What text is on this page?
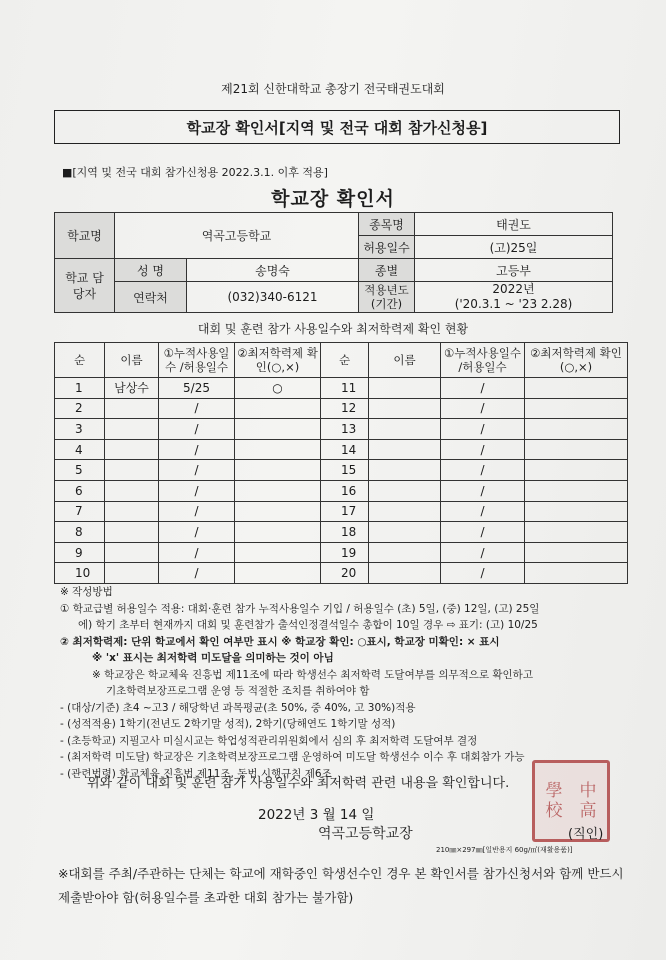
제21회 신한대학교 총장기 전국태권도대회
학교장 확인서[지역 및 전국 대회 참가신청용]
■[지역 및 전국 대회 참가신청용 2022.3.1. 이후 적용]
학교장 확인서
학교명	역곡고등학교		종목명	태권도
			허용일수	(고)25일
학교 담당자	성 명	송명숙	종별	고등부
	연락처	(032)340-6121	적용년도 (기간)	2022년
('20.3.1 ~ '23 2.28)
대회 및 훈련 참가 사용일수와 최저학력제 확인 현황
순	이름	①누적사용일수 /허용일수	②최저학력제 확인(○,×)	순	이름	①누적사용일수 /허용일수	②최저학력제 확인(○,×)
1	남상수	5/25	○	11		/	
2		/		12		/	
3		/		13		/	
4		/		14		/	
5		/		15		/	
6		/		16		/	
7		/		17		/	
8		/		18		/	
9		/		19		/	
10		/		20		/	
※ 작성방법
① 학교급별 허용일수 적용: 대회·훈련 참가 누적사용일수 기입 / 허용일수 (초) 5일, (중) 12일, (고) 25일
에) 학기 초부터 현재까지 대회 및 훈련참가 출석인정결석일수 총합이 10일 경우 ⇨ 표기: (고) 10/25
② 최저학력제: 단위 학교에서 확인 여부만 표시 ※ 학교장 확인: ○표시, 학교장 미확인: × 표시
※ 'x' 표시는 최저학력 미도달을 의미하는 것이 아님
※ 학교장은 학교체육 진흥법 제11조에 따라 학생선수 최저학력 도달여부를 의무적으로 확인하고
기초학력보장프로그램 운영 등 적절한 조치를 취하여야 함
- (대상/기준) 초4 ~고3 / 해당학년 과목평균(초 50%, 중 40%, 고 30%)적용
- (성적적용) 1학기(전년도 2학기말 성적), 2학기(당해연도 1학기말 성적)
- (초등학교) 지필고사 미실시교는 학업성적관리위원회에서 심의 후 최저학력 도달여부 결정
- (최저학력 미도달) 학교장은 기초학력보장프로그램 운영하여 미도달 학생선수 이수 후 대회참가 가능
- (관련법령) 학교체육 진흥법 제11조, 동법 시행규칙 제6조
위와 같이 대회 및 훈련 참가 사용일수와 최저학력 관련 내용을 확인합니다.
2022년 3 월 14 일
역곡고등학교장
學	中
校	高
(직인)
210㎜×297㎜[일반용지 60g/㎡(재활용품)]
※대회를 주최/주관하는 단체는 학교에 재학중인 학생선수인 경우 본 확인서를 참가신청서와 함께 반드시 제출받아야 함(허용일수를 초과한 대회 참가는 불가함)
